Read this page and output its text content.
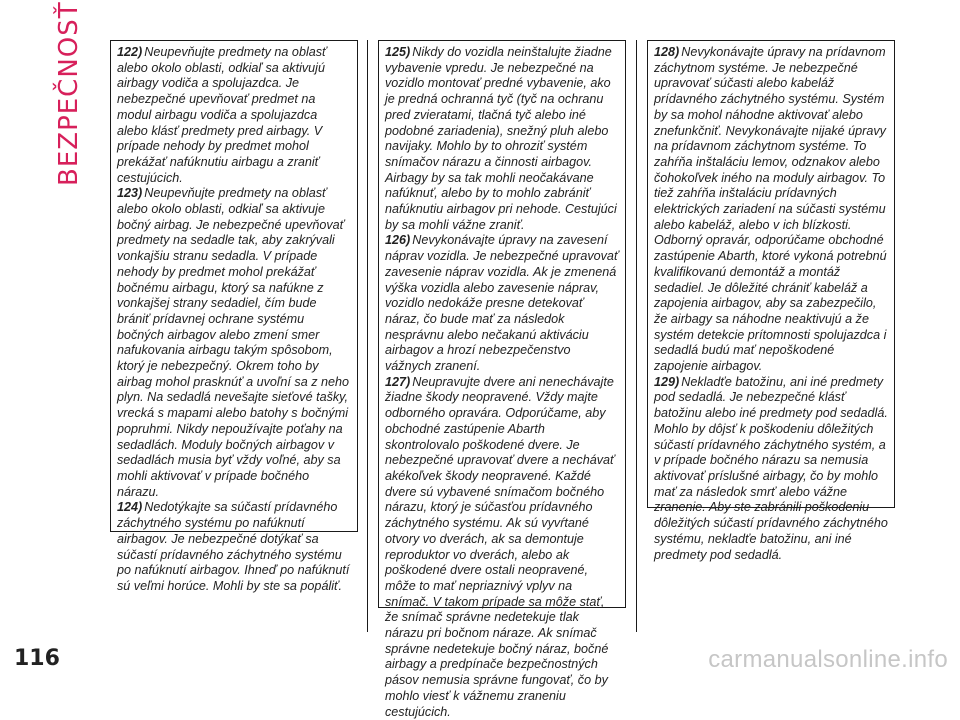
BEZPEČNOSŤ	122) Neupevňujte predmety na oblasť alebo okolo oblasti, odkiaľ sa aktivujú airbagy vodiča a spolujazdca. Je nebezpečné upevňovať predmet na modul airbagu vodiča a spolujazdca alebo klásť predmety pred airbagy. V prípade nehody by predmet mohol prekážať nafúknutiu airbagu a zraniť cestujúcich.

123) Neupevňujte predmety na oblasť alebo okolo oblasti, odkiaľ sa aktivuje bočný airbag. Je nebezpečné upevňovať predmety na sedadle tak, aby zakrývali vonkajšiu stranu sedadla. V prípade nehody by predmet mohol prekážať bočnému airbagu, ktorý sa nafúkne z vonkajšej strany sedadiel, čím bude brániť prídavnej ochrane systému bočných airbagov alebo zmení smer nafukovania airbagu takým spôsobom, ktorý je nebezpečný. Okrem toho by airbag mohol prasknúť a uvoľní sa z neho plyn. Na sedadlá nevešajte sieťové tašky, vrecká s mapami alebo batohy s bočnými popruhmi. Nikdy nepoužívajte poťahy na sedadlách. Moduly bočných airbagov v sedadlách musia byť vždy voľné, aby sa mohli aktivovať v prípade bočného nárazu.

124) Nedotýkajte sa súčastí prídavného záchytného systému po nafúknutí airbagov. Je nebezpečné dotýkať sa súčastí prídavného záchytného systému po nafúknutí airbagov. Ihneď po nafúknutí sú veľmi horúce. Mohli by ste sa popáliť.

125) Nikdy do vozidla neinštalujte žiadne vybavenie vpredu. Je nebezpečné na vozidlo montovať predné vybavenie, ako je predná ochranná tyč (tyč na ochranu pred zvieratami, tlačná tyč alebo iné podobné zariadenia), snežný pluh alebo navijaky. Mohlo by to ohroziť systém snímačov nárazu a činnosti airbagov. Airbagy by sa tak mohli neočakávane nafúknuť, alebo by to mohlo zabrániť nafúknutiu airbagov pri nehode. Cestujúci by sa mohli vážne zraniť.

126) Nevykonávajte úpravy na zavesení náprav vozidla. Je nebezpečné upravovať zavesenie náprav vozidla. Ak je zmenená výška vozidla alebo zavesenie náprav, vozidlo nedokáže presne detekovať náraz, čo bude mať za následok nesprávnu alebo nečakanú aktiváciu airbagov a hrozí nebezpečenstvo vážnych zranení.

127) Neupravujte dvere ani nenechávajte žiadne škody neopravené. Vždy majte odborného opravára. Odporúčame, aby obchodné zastúpenie Abarth skontrolovalo poškodené dvere. Je nebezpečné upravovať dvere a nechávať akékoľvek škody neopravené. Každé dvere sú vybavené snímačom bočného nárazu, ktorý je súčasťou prídavného záchytného systému. Ak sú vyvŕtané otvory vo dverách, ak sa demontuje reproduktor vo dverách, alebo ak poškodené dvere ostali neopravené, môže to mať nepriaznivý vplyv na snímač. V takom prípade sa môže stať, že snímač správne nedetekuje tlak nárazu pri bočnom náraze. Ak snímač správne nedetekuje bočný náraz, bočné airbagy a predpínače bezpečnostných pásov nemusia správne fungovať, čo by mohlo viesť k vážnemu zraneniu cestujúcich.

128) Nevykonávajte úpravy na prídavnom záchytnom systéme. Je nebezpečné upravovať súčasti alebo kabeláž prídavného záchytného systému. Systém by sa mohol náhodne aktivovať alebo znefunkčniť. Nevykonávajte nijaké úpravy na prídavnom záchytnom systéme. To zahŕňa inštaláciu lemov, odznakov alebo čohokoľvek iného na moduly airbagov. To tiež zahŕňa inštaláciu prídavných elektrických zariadení na súčasti systému alebo kabeláž, alebo v ich blízkosti. Odborný opravár, odporúčame obchodné zastúpenie Abarth, ktoré vykoná potrebnú kvalifikovanú demontáž a montáž sedadiel. Je dôležité chrániť kabeláž a zapojenia airbagov, aby sa zabezpečilo, že airbagy sa náhodne neaktivujú a že systém detekcie prítomnosti spolujazdca i sedadlá budú mať nepoškodené zapojenie airbagov.

129) Nekladťe batožinu, ani iné predmety pod sedadlá. Je nebezpečné klásť batožinu alebo iné predmety pod sedadlá. Mohlo by dôjsť k poškodeniu dôležitých súčastí prídavného záchytného systém, a v prípade bočného nárazu sa nemusia aktivovať príslušné airbagy, čo by mohlo mať za následok smrť alebo vážne zranenie. Aby ste zabránili poškodeniu dôležitých súčastí prídavného záchytného systému, nekladťe batožinu, ani iné predmety pod sedadlá.

116	carmanualsonline.info
